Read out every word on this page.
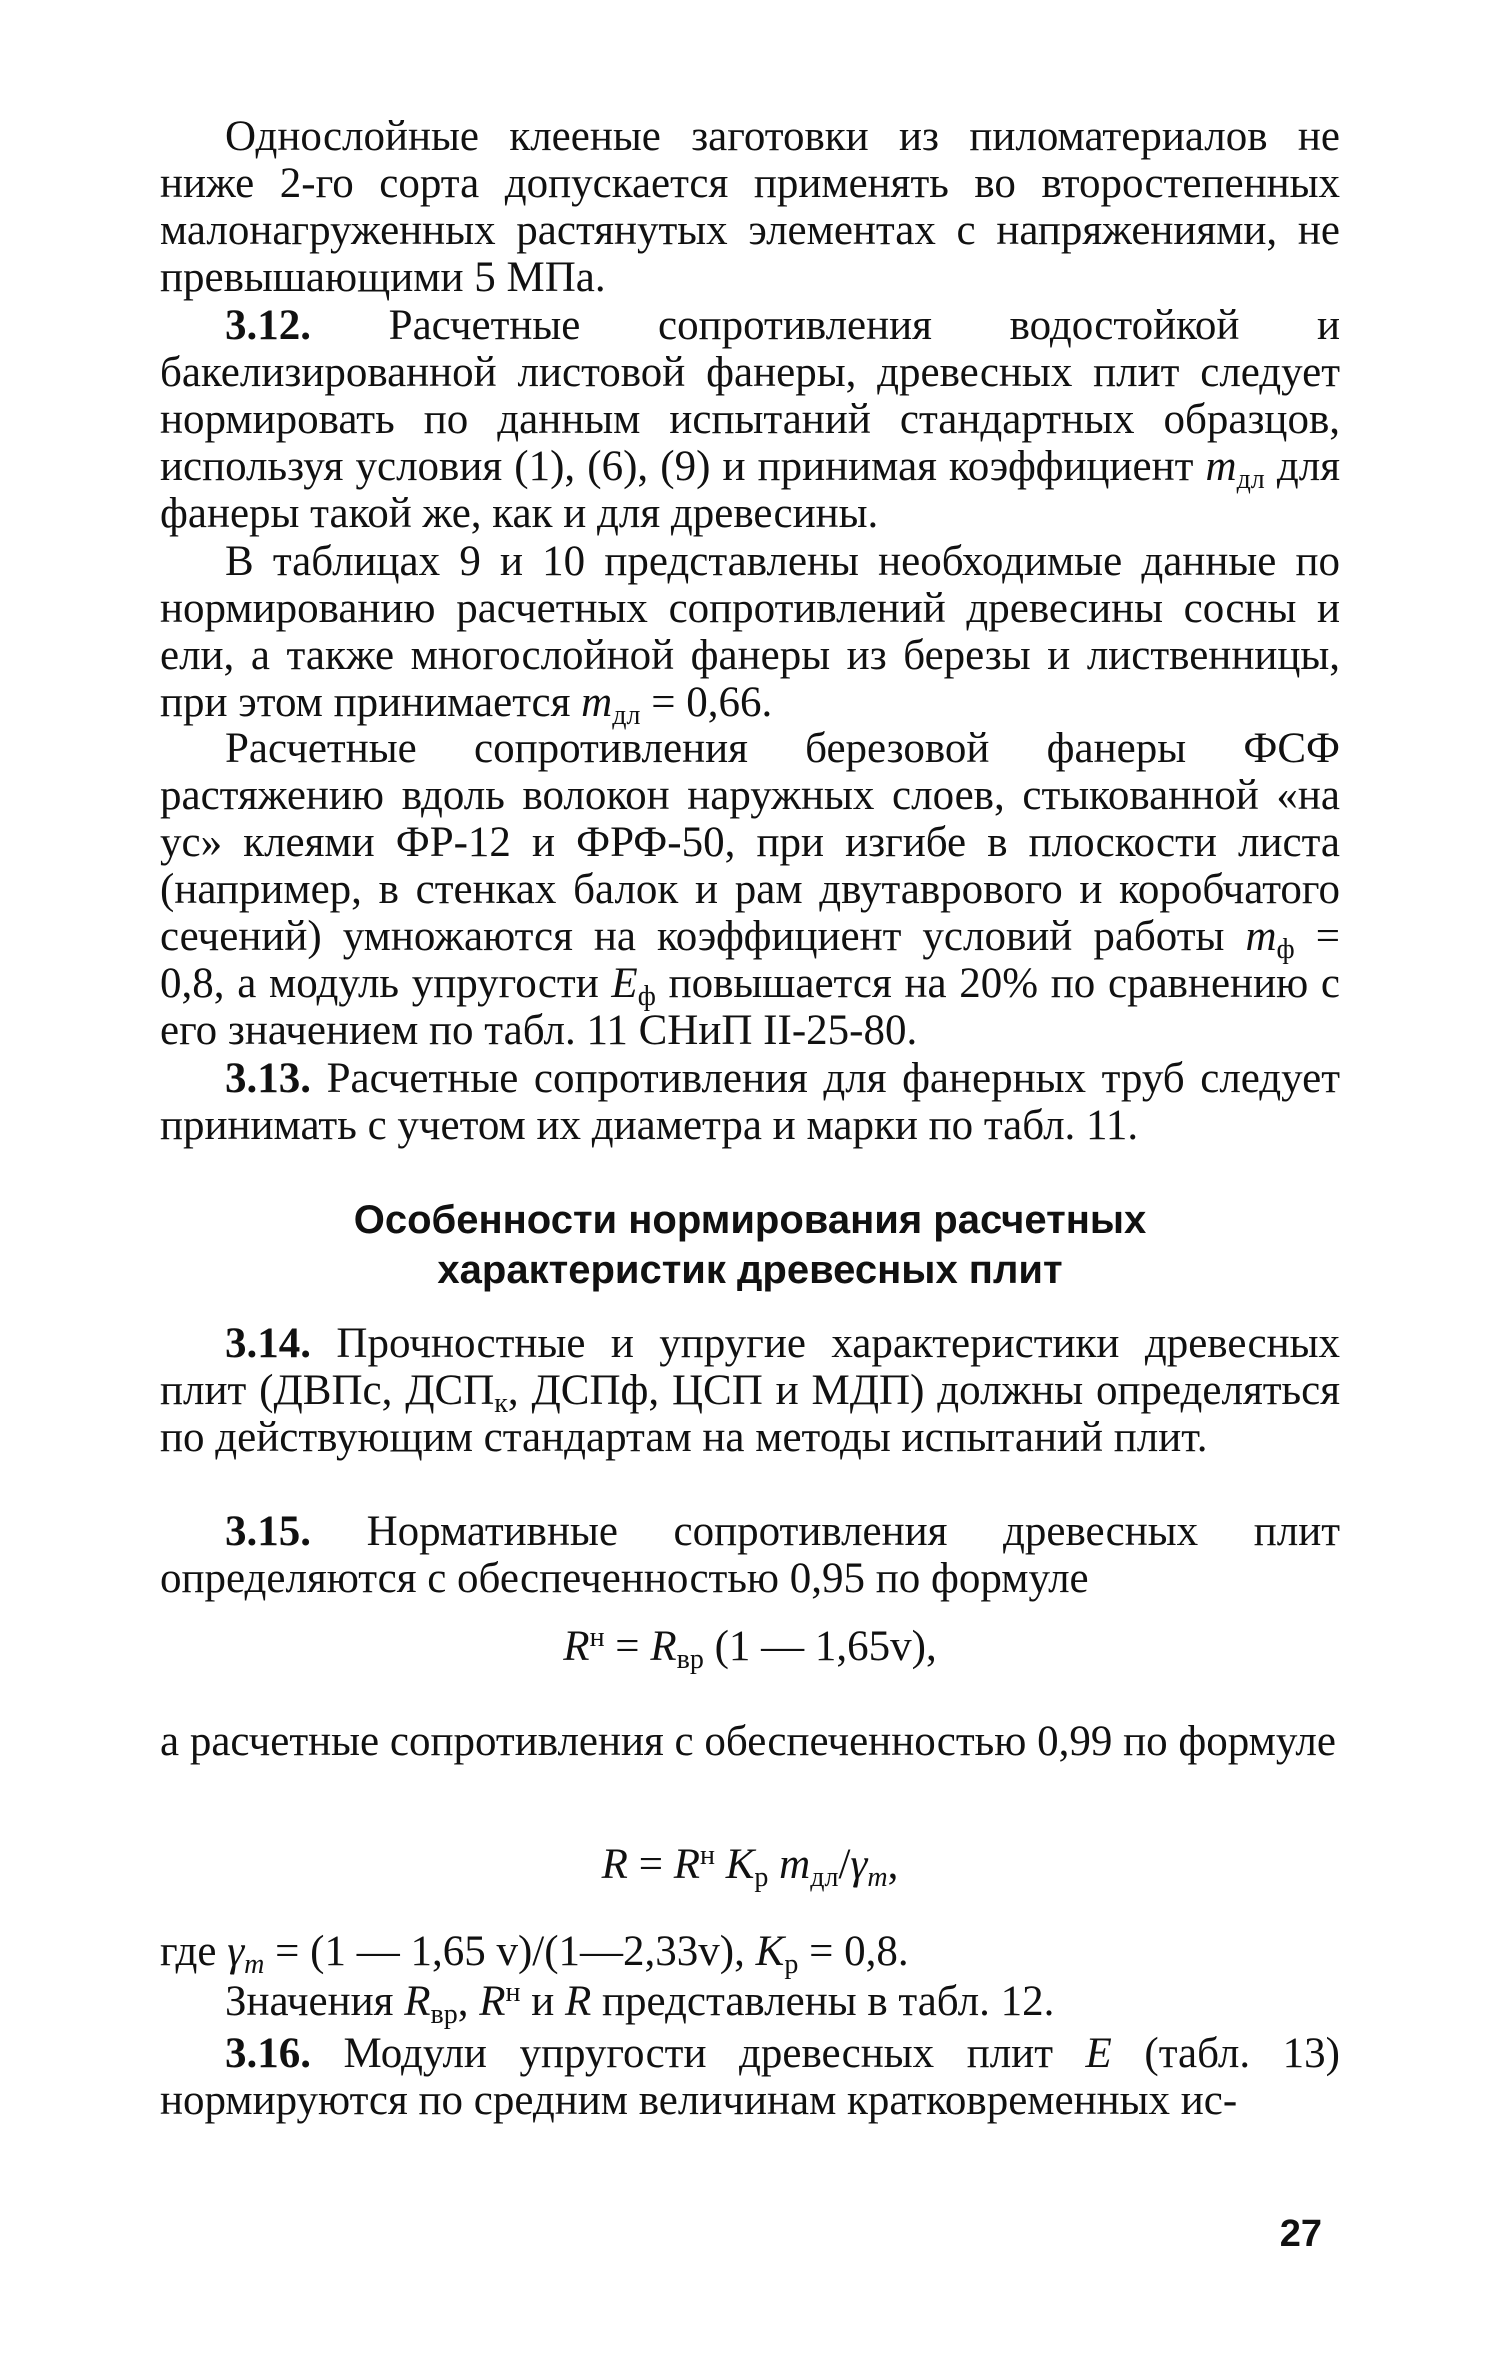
Однослойные клееные заготовки из пиломатериалов не ниже 2-го сорта допускается применять во второстепенных малонагруженных растянутых элементах с напряжениями, не превышающими 5 МПа.

3.12. Расчетные сопротивления водостойкой и бакелизированной листовой фанеры, древесных плит следует нормировать по данным испытаний стандартных образцов, используя условия (1), (6), (9) и принимая коэффициент $m_{дл}$ для фанеры такой же, как и для древесины.

В таблицах 9 и 10 представлены необходимые данные по нормированию расчетных сопротивлений древесины сосны и ели, а также многослойной фанеры из березы и лиственницы, при этом принимается $m_{дл} = 0,66$.

Расчетные сопротивления березовой фанеры ФСФ растяжению вдоль волокон наружных слоев, стыкованной «на ус» клеями ФР-12 и ФРФ-50, при изгибе в плоскости листа (например, в стенках балок и рам двутаврового и коробчатого сечений) умножаются на коэффициент условий работы $m_ф = 0,8$, а модуль упругости $E_ф$ повышается на 20% по сравнению с его значением по табл. 11 СНиП II-25-80.

3.13. Расчетные сопротивления для фанерных труб следует принимать с учетом их диаметра и марки по табл. 11.

Особенности нормирования расчетных

характеристик древесных плит

3.14. Прочностные и упругие характеристики древесных плит (ДВПс, $ДСП_к$, ДСПф, ЦСП и МДП) должны определяться по действующим стандартам на методы испытаний плит.

3.15. Нормативные сопротивления древесных плит определяются с обеспеченностью 0,95 по формуле

$R^н = R_{вр}$ (1 — 1,65v),

а расчетные сопротивления с обеспеченностью 0,99 по формуле

$R = R^н$ $K_р$ $m_{дл}/\gamma_m$,

где $\gamma_m = (1$ — 1,65 v)/(1—2,33v), $K_р = 0,8$.

Значения $R_{вр}$, $R^н$ и R представлены в табл. 12.

3.16. Модули упругости древесных плит E (табл. 13) нормируются по средним величинам кратковременных ис-

27
